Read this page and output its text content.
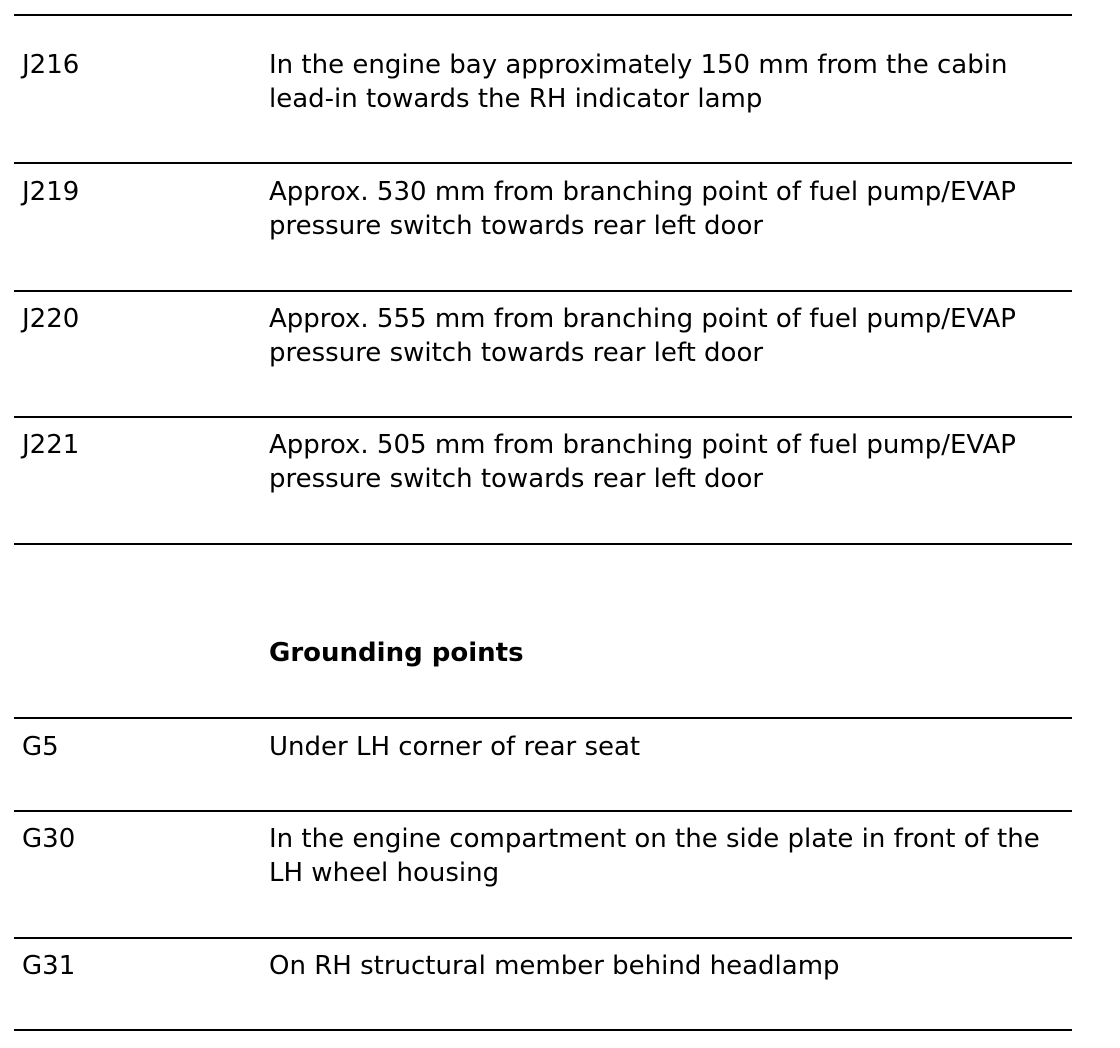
J216	In the engine bay approximately 150 mm from the cabin lead-in towards the RH indicator lamp
J219	Approx. 530 mm from branching point of fuel pump/EVAP pressure switch towards rear left door
J220	Approx. 555 mm from branching point of fuel pump/EVAP pressure switch towards rear left door
J221	Approx. 505 mm from branching point of fuel pump/EVAP pressure switch towards rear left door
Grounding points
G5	Under LH corner of rear seat
G30	In the engine compartment on the side plate in front of the LH wheel housing
G31	On RH structural member behind headlamp
